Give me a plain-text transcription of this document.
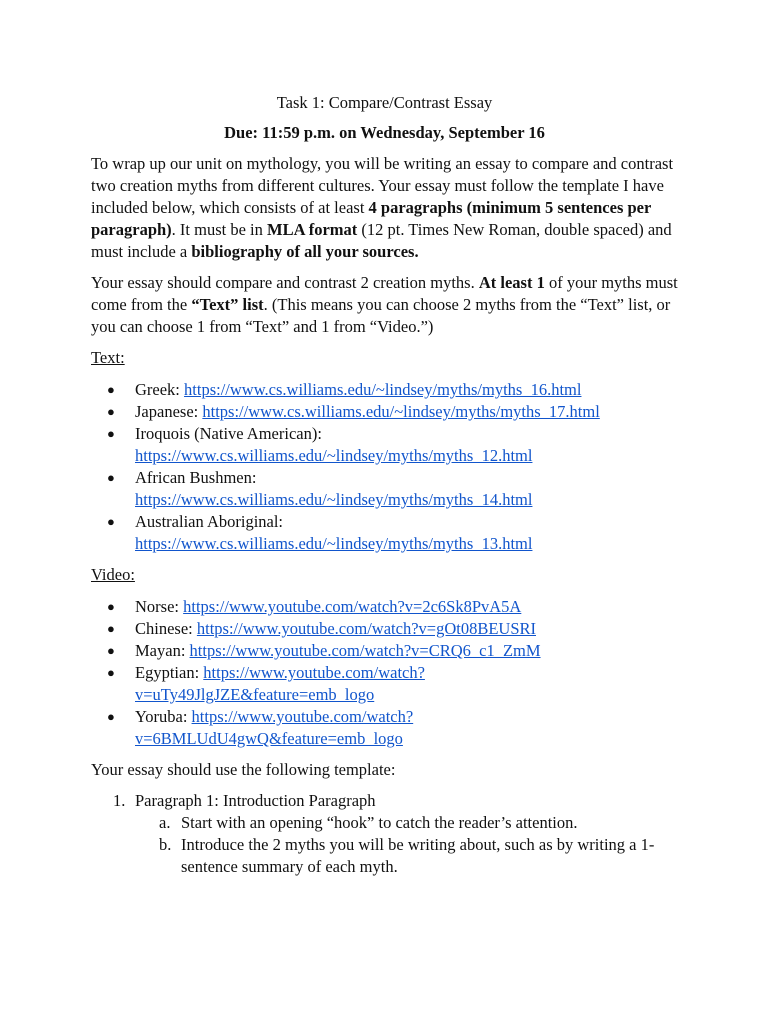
Task 1: Compare/Contrast Essay

Due: 11:59 p.m. on Wednesday, September 16

To wrap up our unit on mythology, you will be writing an essay to compare and contrast two creation myths from different cultures. Your essay must follow the template I have included below, which consists of at least 4 paragraphs (minimum 5 sentences per paragraph). It must be in MLA format (12 pt. Times New Roman, double spaced) and must include a bibliography of all your sources.

Your essay should compare and contrast 2 creation myths. At least 1 of your myths must come from the “Text” list. (This means you can choose 2 myths from the “Text” list, or you can choose 1 from “Text” and 1 from “Video.”)

Text:

● Greek: https://www.cs.williams.edu/~lindsey/myths/myths_16.html
● Japanese: https://www.cs.williams.edu/~lindsey/myths/myths_17.html
● Iroquois (Native American):
https://www.cs.williams.edu/~lindsey/myths/myths_12.html
● African Bushmen:
https://www.cs.williams.edu/~lindsey/myths/myths_14.html
● Australian Aboriginal:
https://www.cs.williams.edu/~lindsey/myths/myths_13.html

Video:

● Norse: https://www.youtube.com/watch?v=2c6Sk8PvA5A
● Chinese: https://www.youtube.com/watch?v=gOt08BEUSRI
● Mayan: https://www.youtube.com/watch?v=CRQ6_c1_ZmM
● Egyptian: https://www.youtube.com/watch?
v=uTy49JlgJZE&feature=emb_logo
● Yoruba: https://www.youtube.com/watch?
v=6BMLUdU4gwQ&feature=emb_logo

Your essay should use the following template:

1. Paragraph 1: Introduction Paragraph
a. Start with an opening “hook” to catch the reader’s attention.
b. Introduce the 2 myths you will be writing about, such as by writing a 1-sentence summary of each myth.
